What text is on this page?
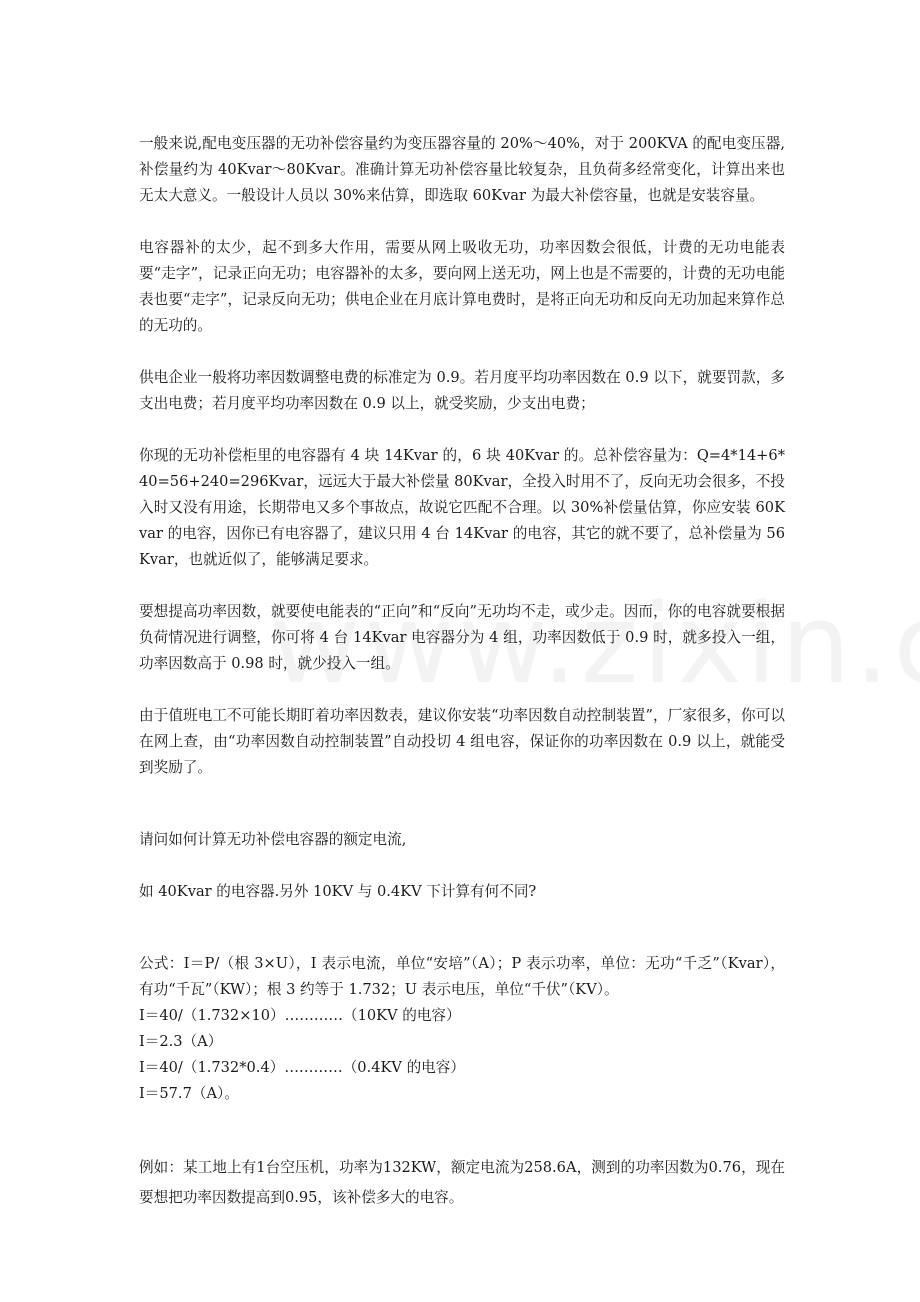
一般来说,配电变压器的无功补偿容量约为变压器容量的 20%～40%，对于 200KVA 的配电变压器,补偿量约为 40Kvar～80Kvar。准确计算无功补偿容量比较复杂，且负荷多经常变化，计算出来也无太大意义。一般设计人员以 30%来估算，即选取 60Kvar 为最大补偿容量，也就是安装容量。

电容器补的太少，起不到多大作用，需要从网上吸收无功，功率因数会很低，计费的无功电能表要“走字”，记录正向无功；电容器补的太多，要向网上送无功，网上也是不需要的，计费的无功电能表也要“走字”，记录反向无功；供电企业在月底计算电费时，是将正向无功和反向无功加起来算作总的无功的。

供电企业一般将功率因数调整电费的标准定为 0.9。若月度平均功率因数在 0.9 以下，就要罚款，多支出电费；若月度平均功率因数在 0.9 以上，就受奖励，少支出电费；

你现的无功补偿柜里的电容器有 4 块 14Kvar 的，6 块 40Kvar 的。总补偿容量为：Q=4*14+6*40=56+240=296Kvar，远远大于最大补偿量 80Kvar，全投入时用不了，反向无功会很多，不投入时又没有用途，长期带电又多个事故点，故说它匹配不合理。以 30%补偿量估算，你应安装 60Kvar 的电容，因你已有电容器了，建议只用 4 台 14Kvar 的电容，其它的就不要了，总补偿量为 56Kvar，也就近似了，能够满足要求。

要想提高功率因数，就要使电能表的“正向”和“反向”无功均不走，或少走。因而，你的电容就要根据负荷情况进行调整，你可将 4 台 14Kvar 电容器分为 4 组，功率因数低于 0.9 时，就多投入一组，功率因数高于 0.98 时，就少投入一组。

由于值班电工不可能长期盯着功率因数表，建议你安装“功率因数自动控制装置”，厂家很多，你可以在网上查，由“功率因数自动控制装置”自动投切 4 组电容，保证你的功率因数在 0.9 以上，就能受到奖励了。

请问如何计算无功补偿电容器的额定电流,

如 40Kvar 的电容器.另外 10KV 与 0.4KV 下计算有何不同?

公式：I＝P/（根 3×U），I 表示电流，单位“安培”（A）；P 表示功率，单位：无功“千乏”（Kvar），有功“千瓦”（KW）；根 3 约等于 1.732；U 表示电压，单位“千伏”（KV）。

I＝40/（1.732×10）…………（10KV 的电容）
I＝2.3（A）
I＝40/（1.732*0.4）…………（0.4KV 的电容）
I＝57.7（A）。

例如：某工地上有1台空压机，功率为132KW，额定电流为258.6A，测到的功率因数为0.76，现在要想把功率因数提高到0.95，该补偿多大的电容。
